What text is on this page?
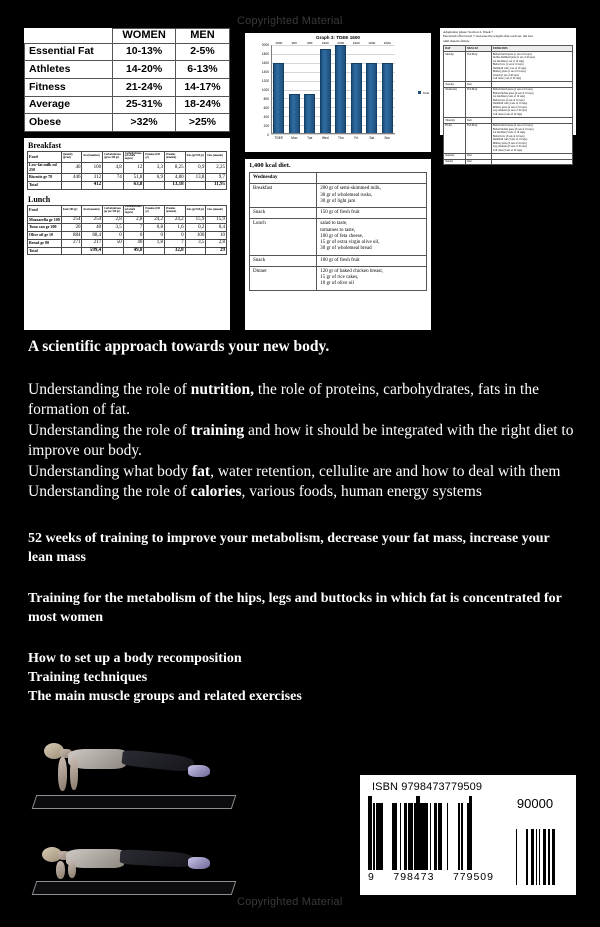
Copyrighted Material
Copyrighted Material
	WOMEN	MEN
Essential Fat	10-13%	2-5%
Athletes	14-20%	6-13%
Fitness	21-24%	14-17%
Average	25-31%	18-24%
Obese	>32%	>25%
Breakfast
Food	Quantity (gr/ml)	Kcal (number)	Carbohydrates (gross 100 gr)	Carbohydrates (of which sugars)	Proteins (100 gr)	Proteins (amount)	Fats (gr/100 gr)	Fats (amount)
Low-fat milk ml 250	40	100	4,8	12	3,3	8,25	0,9	2,25
Biscuits gr 78	446	312	74	51,8	6,9	4,80	13,8	9,7
Total		412		63,8		13,18		11,95
Lunch
Food	Kcal (100 gr)	Kcal (amount)	Carbohydrates (gr per 100 gr)	Carbohydrates (of which sugars)	Proteins (100 gr)	Proteins (amount)	Fats (gr/100 gr)	Fats (amount)
Mozzarella gr 100	254	254	2,8	2,8	24,2	24,2	15,9	15,9
Tuna can gr 200	20	40	3,5	7	0,8	1,6	0,2	0,4
Olive oil gr 10	884	88,4	0	0	0	0	100	10
Bread gr 80	271	217	50	40	1,8	7	3,5	2,8
Total		599,4		49,8		32,8		29
Graph 3: TDEE 1600
0
200
400
600
800
1000
1200
1400
1600
1800
2000
1600
TDEE
900
Mon
900
Tue
1900
Wed
2000
Thu
1600
Fri
1600
Sat
1600
Sun
Kcal
1,400 kcal diet.
Wednesday	
Breakfast	200 gr of semi-skimmed milk,
30 gr of wholemeal rusks,
30 gr of light jam
Snack	150 gr of fresh fruit
Lunch	salad to taste,
tomatoes to taste,
100 gr of feta cheese,
15 gr of extra virgin olive oil,
30 gr of wholemeal bread
Snack	100 gr of fresh fruit
Dinner	120 gr of baked chicken breast,
15 gr of rice cakes,
10 gr of olive oil
Adaptation phase: Section 2, Week 7
Perceived effort level 7, increase the weight after each set, the last
until muscle failure
DAY	MUSCLE	EXERCISES
Monday	Full Body	Barbell bench press (1 set of 10 reps)
Incline dumbbell press (1 set of 10 reps)
Lat machine (1 set of 10 reps)
Barbell row (1 set of 10 reps)
Dumbbell curl (1 set of 10 reps)
Military press (1 set of 10 reps)
Crunch (1 set of 20 reps)
Calf raise (1 set of 20 reps)
Tuesday	Rest	
Wednesday	Full Body	Barbell bench press (2 sets of 10 reps)
Barbell incline press (2 sets of 10 reps)
Lat machine (2 sets of 10 reps)
Barbell row (2 sets of 10 reps)
Dumbbell curl (2 sets of 10 reps)
Military press (2 sets of 10 reps)
Leg extension (2 sets of 10 reps)
Calf raise (2 sets of 20 reps)
Thursday	Rest	
Friday	Full Body	Barbell bench press (3 sets of 10 reps)
Barbell incline press (3 sets of 10 reps)
Lat machine (3 sets of 10 reps)
Barbell row (3 sets of 10 reps)
Dumbbell curl (3 sets of 10 reps)
Military press (3 sets of 10 reps)
Leg extension (3 sets of 10 reps)
Calf raise (3 sets of 20 reps)
Saturday	Rest	
Sunday	Rest	
A scientific approach towards your new body.

Understanding the role of nutrition, the role of proteins, carbohydrates, fats in the formation of fat.

Understanding the role of training and how it should be integrated with the right diet to improve our body.

Understanding what body fat, water retention, cellulite are and how to deal with them

Understanding the role of calories, various foods, human energy systems

52 weeks of training to improve your metabolism, decrease your fat mass, increase your lean mass

Training for the metabolism of the hips, legs and buttocks in which fat is concentrated for most women

How to set up a body recomposition

Training techniques

The main muscle groups and related exercises

ISBN 9798473779509
9 798473 779509
90000
